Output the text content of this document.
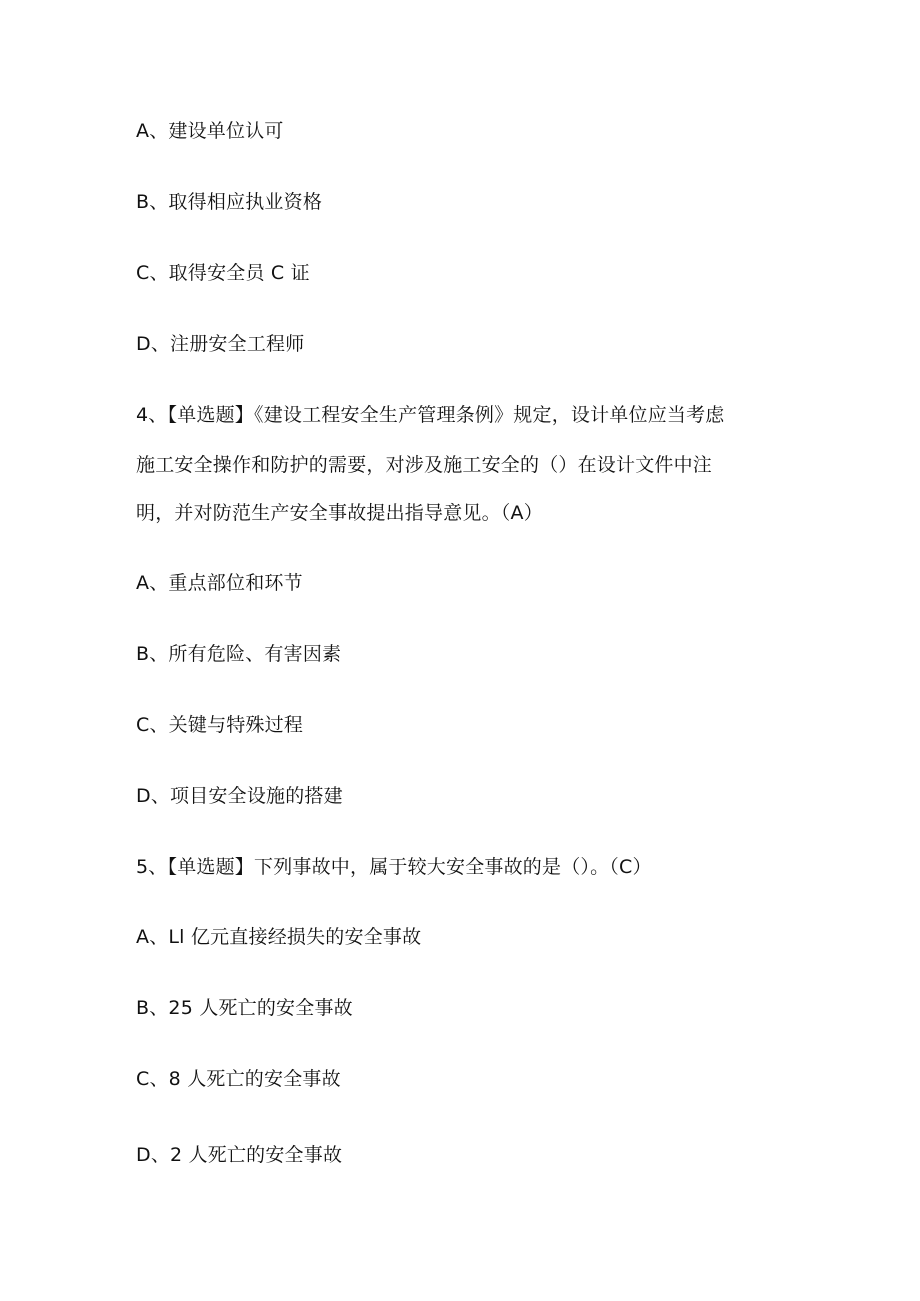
A、建设单位认可
B、取得相应执业资格
C、取得安全员 C 证
D、注册安全工程师
4、【单选题】《建设工程安全生产管理条例》规定，设计单位应当考虑
施工安全操作和防护的需要，对涉及施工安全的（）在设计文件中注
明，并对防范生产安全事故提出指导意见。（A）
A、重点部位和环节
B、所有危险、有害因素
C、关键与特殊过程
D、项目安全设施的搭建
5、【单选题】下列事故中，属于较大安全事故的是（）。（C）
A、Ll 亿元直接经损失的安全事故
B、25 人死亡的安全事故
C、8 人死亡的安全事故
D、2 人死亡的安全事故
